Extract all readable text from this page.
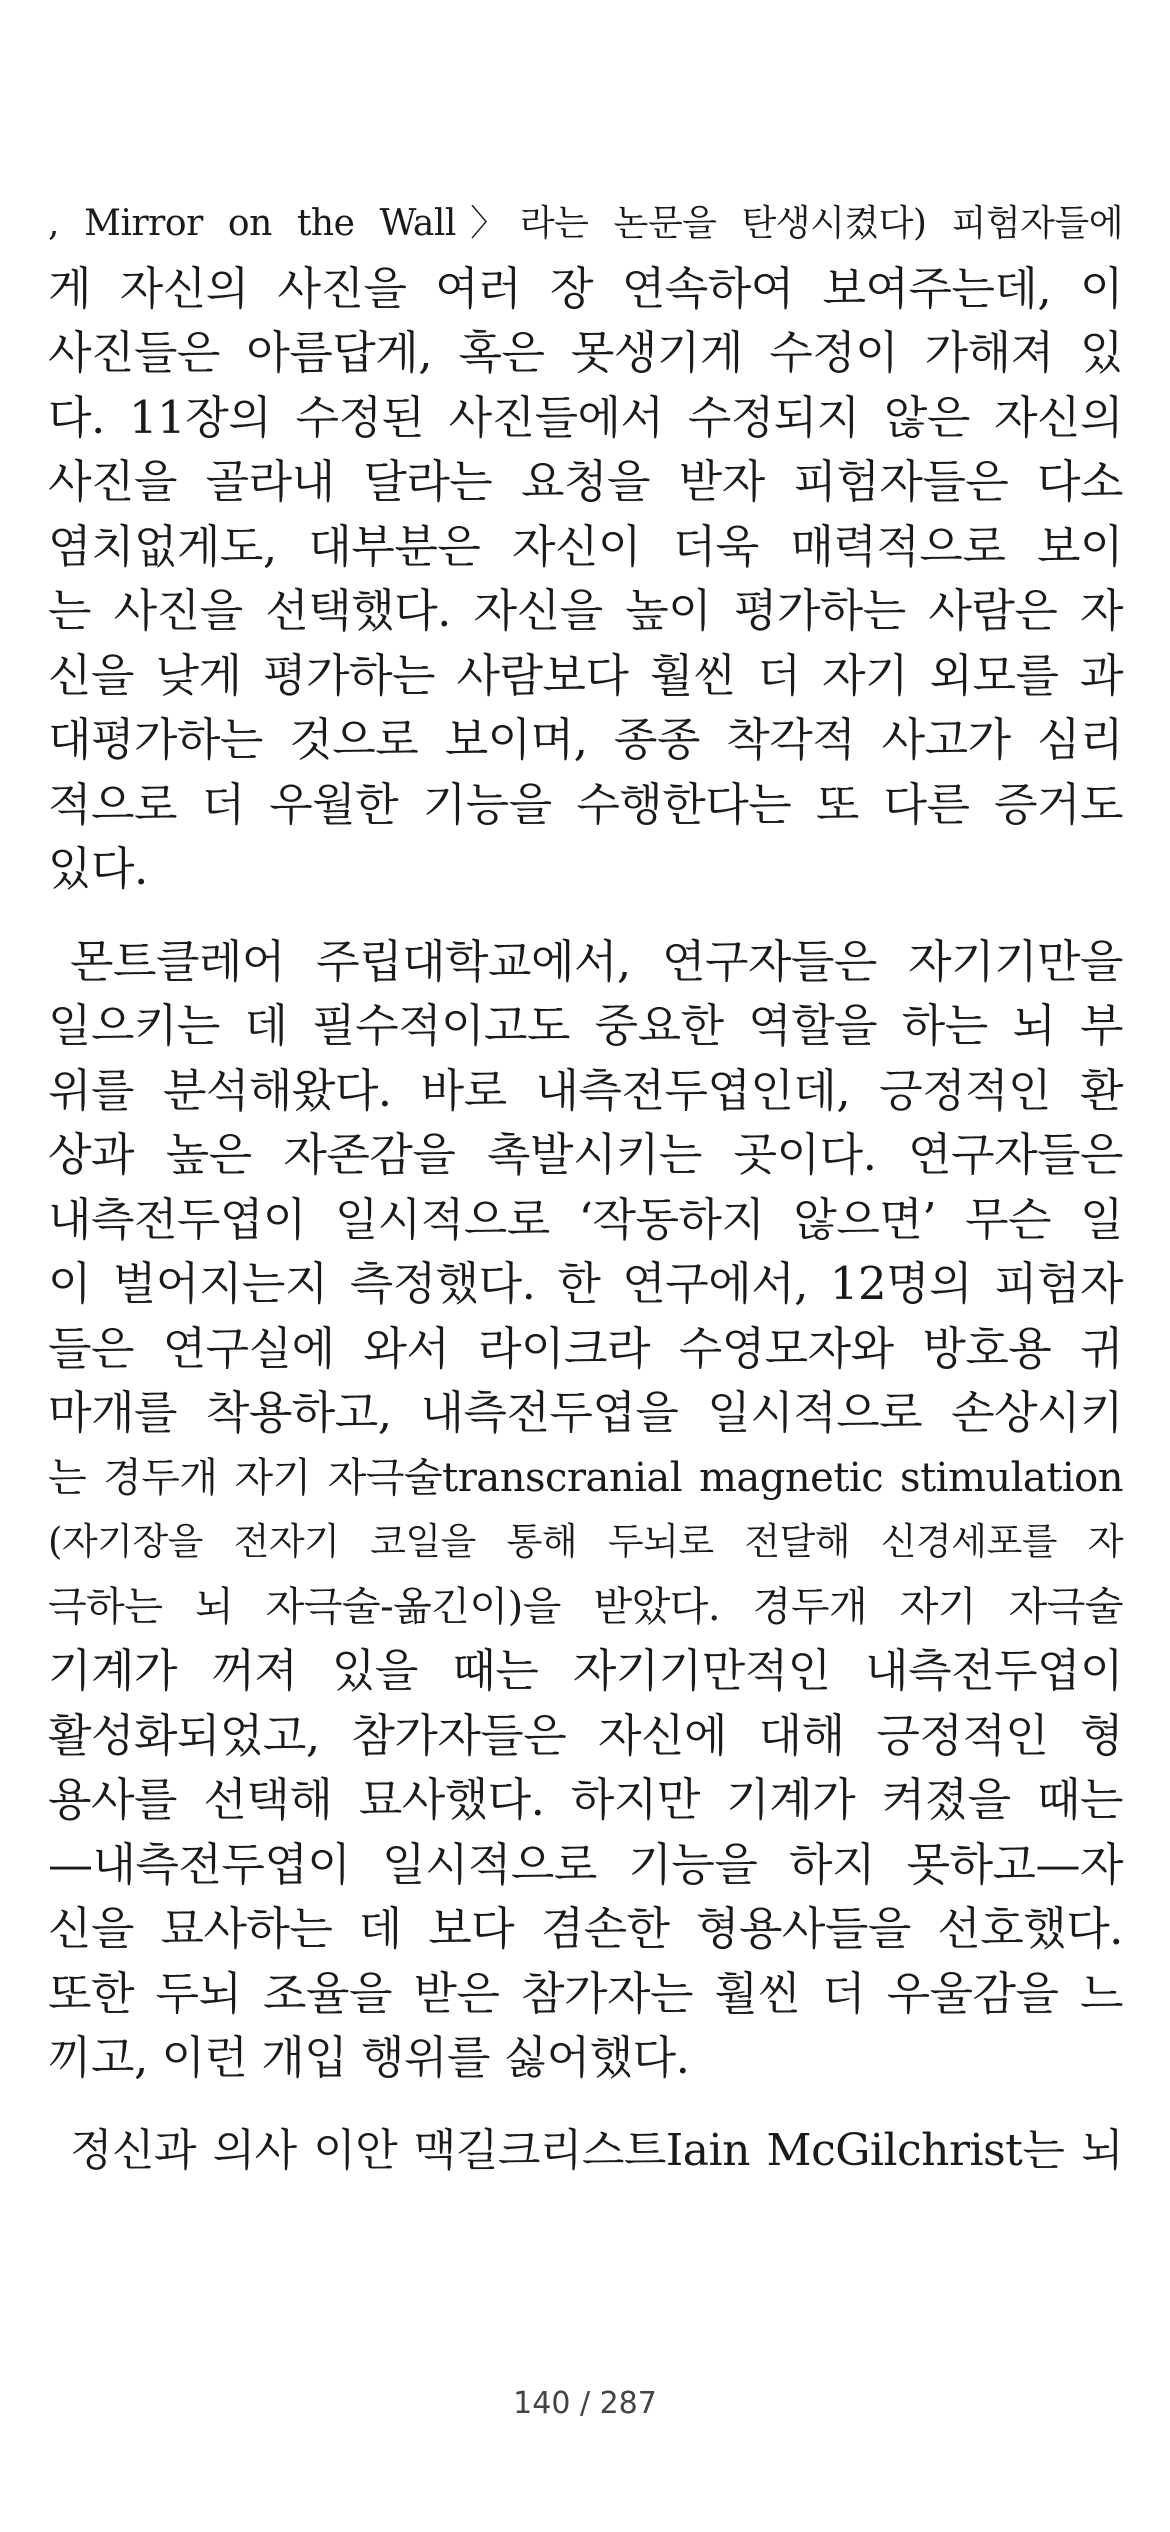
, Mirror on the Wall〉라는 논문을 탄생시켰다) 피험자들에
게 자신의 사진을 여러 장 연속하여 보여주는데, 이
사진들은 아름답게, 혹은 못생기게 수정이 가해져 있
다. 11장의 수정된 사진들에서 수정되지 않은 자신의
사진을 골라내 달라는 요청을 받자 피험자들은 다소
염치없게도, 대부분은 자신이 더욱 매력적으로 보이
는 사진을 선택했다. 자신을 높이 평가하는 사람은 자
신을 낮게 평가하는 사람보다 훨씬 더 자기 외모를 과
대평가하는 것으로 보이며, 종종 착각적 사고가 심리
적으로 더 우월한 기능을 수행한다는 또 다른 증거도
있다.

몬트클레어 주립대학교에서, 연구자들은 자기기만을
일으키는 데 필수적이고도 중요한 역할을 하는 뇌 부
위를 분석해왔다. 바로 내측전두엽인데, 긍정적인 환
상과 높은 자존감을 촉발시키는 곳이다. 연구자들은
내측전두엽이 일시적으로 ‘작동하지 않으면’ 무슨 일
이 벌어지는지 측정했다. 한 연구에서, 12명의 피험자
들은 연구실에 와서 라이크라 수영모자와 방호용 귀
마개를 착용하고, 내측전두엽을 일시적으로 손상시키
는 경두개 자기 자극술transcranial magnetic stimulation
(자기장을 전자기 코일을 통해 두뇌로 전달해 신경세포를 자
극하는 뇌 자극술-옮긴이)을 받았다. 경두개 자기 자극술
기계가 꺼져 있을 때는 자기기만적인 내측전두엽이
활성화되었고, 참가자들은 자신에 대해 긍정적인 형
용사를 선택해 묘사했다. 하지만 기계가 켜졌을 때는
—내측전두엽이 일시적으로 기능을 하지 못하고—자
신을 묘사하는 데 보다 겸손한 형용사들을 선호했다.
또한 두뇌 조율을 받은 참가자는 훨씬 더 우울감을 느
끼고, 이런 개입 행위를 싫어했다.

정신과 의사 이안 맥길크리스트Iain McGilchrist는 뇌

140 / 287
